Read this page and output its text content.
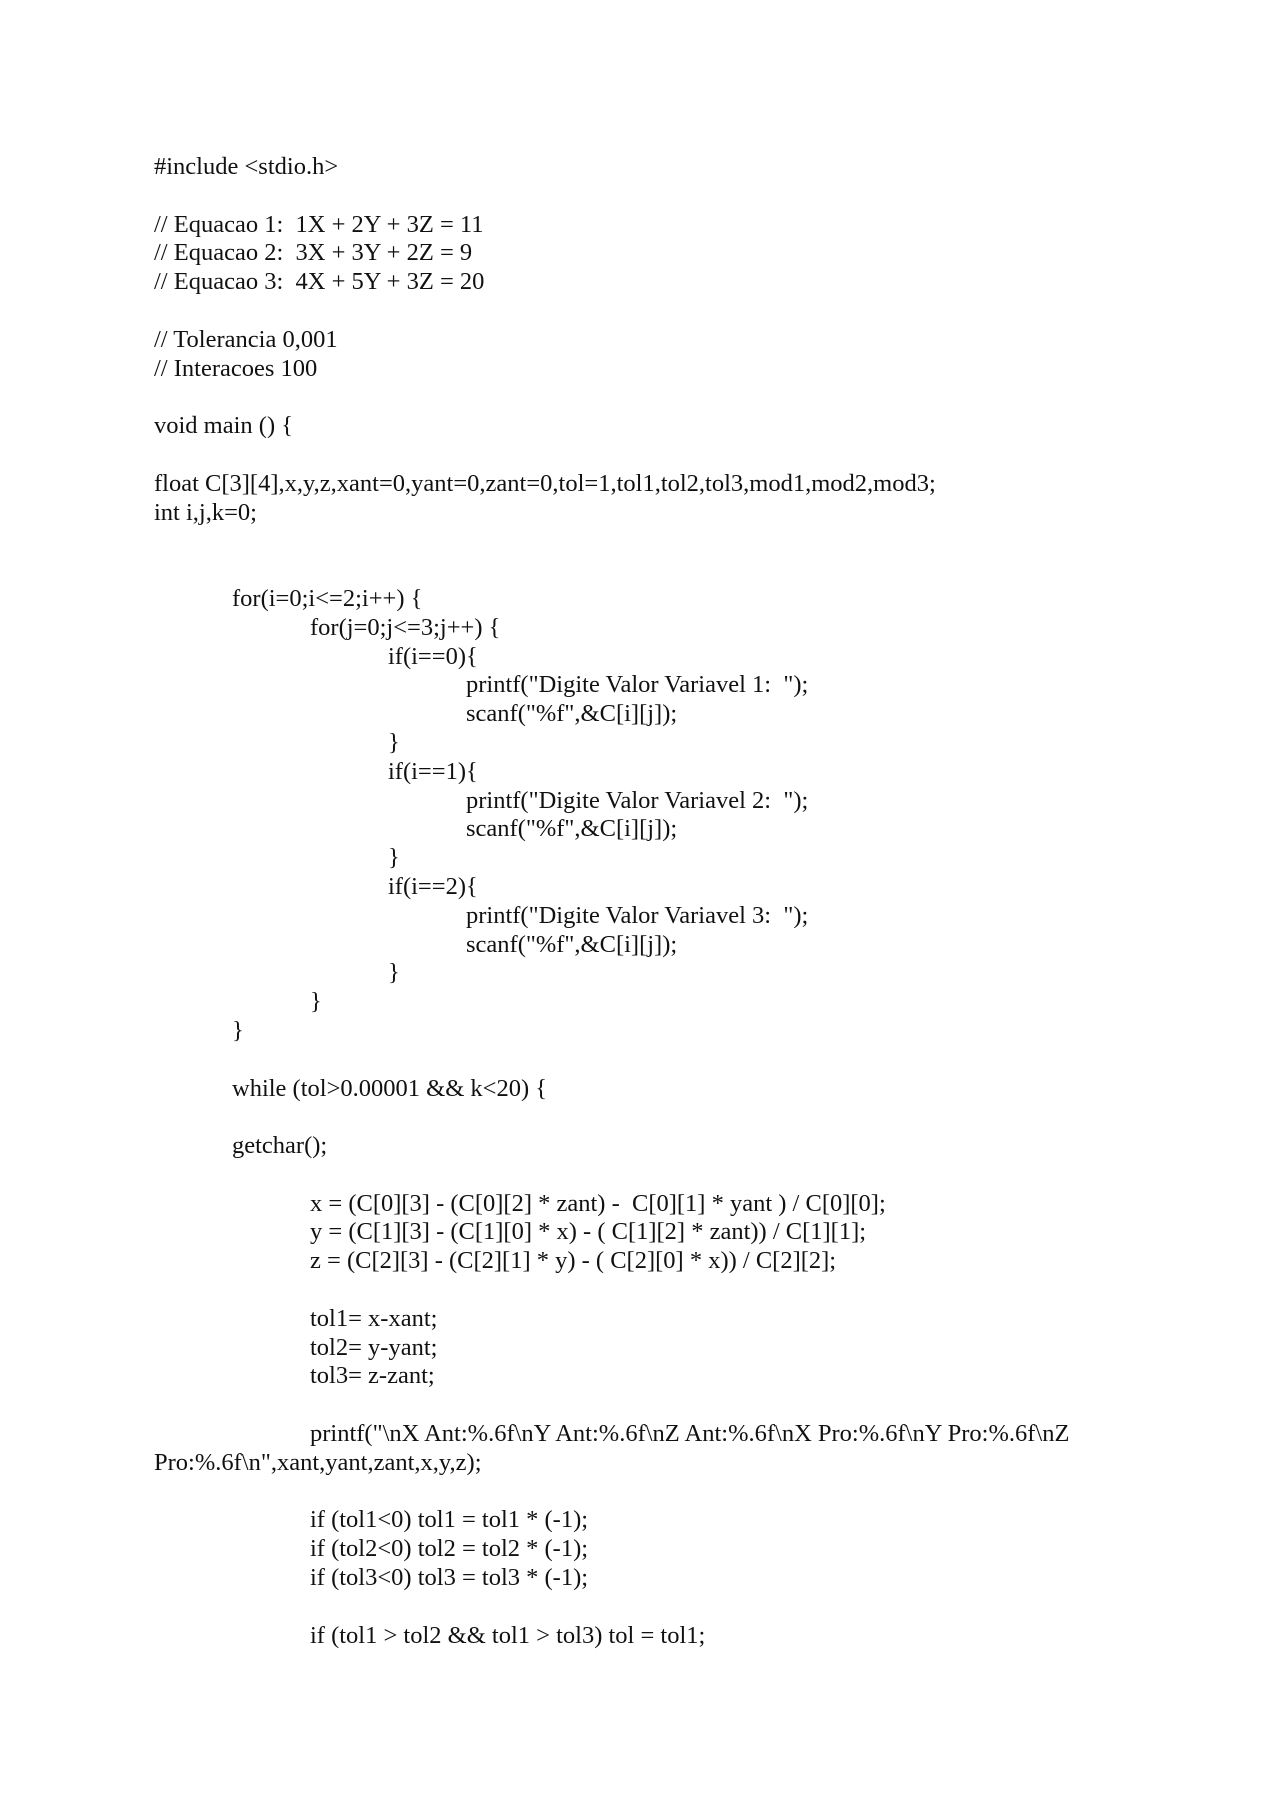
#include <stdio.h>
// Equacao 1:  1X + 2Y + 3Z = 11
// Equacao 2:  3X + 3Y + 2Z = 9
// Equacao 3:  4X + 5Y + 3Z = 20
// Tolerancia 0,001
// Interacoes 100
void main () {
float C[3][4],x,y,z,xant=0,yant=0,zant=0,tol=1,tol1,tol2,tol3,mod1,mod2,mod3;
int i,j,k=0;
for(i=0;i<=2;i++) {
for(j=0;j<=3;j++) {
if(i==0){
printf("Digite Valor Variavel 1:  ");
scanf("%f",&C[i][j]);
}
if(i==1){
printf("Digite Valor Variavel 2:  ");
scanf("%f",&C[i][j]);
}
if(i==2){
printf("Digite Valor Variavel 3:  ");
scanf("%f",&C[i][j]);
}
}
}
while (tol>0.00001 && k<20) {
getchar();
x = (C[0][3] - (C[0][2] * zant) -  C[0][1] * yant ) / C[0][0];
y = (C[1][3] - (C[1][0] * x) - ( C[1][2] * zant)) / C[1][1];
z = (C[2][3] - (C[2][1] * y) - ( C[2][0] * x)) / C[2][2];
tol1= x-xant;
tol2= y-yant;
tol3= z-zant;
printf("\nX Ant:%.6f\nY Ant:%.6f\nZ Ant:%.6f\nX Pro:%.6f\nY Pro:%.6f\nZ
Pro:%.6f\n",xant,yant,zant,x,y,z);
if (tol1<0) tol1 = tol1 * (-1);
if (tol2<0) tol2 = tol2 * (-1);
if (tol3<0) tol3 = tol3 * (-1);
if (tol1 > tol2 && tol1 > tol3) tol = tol1;
